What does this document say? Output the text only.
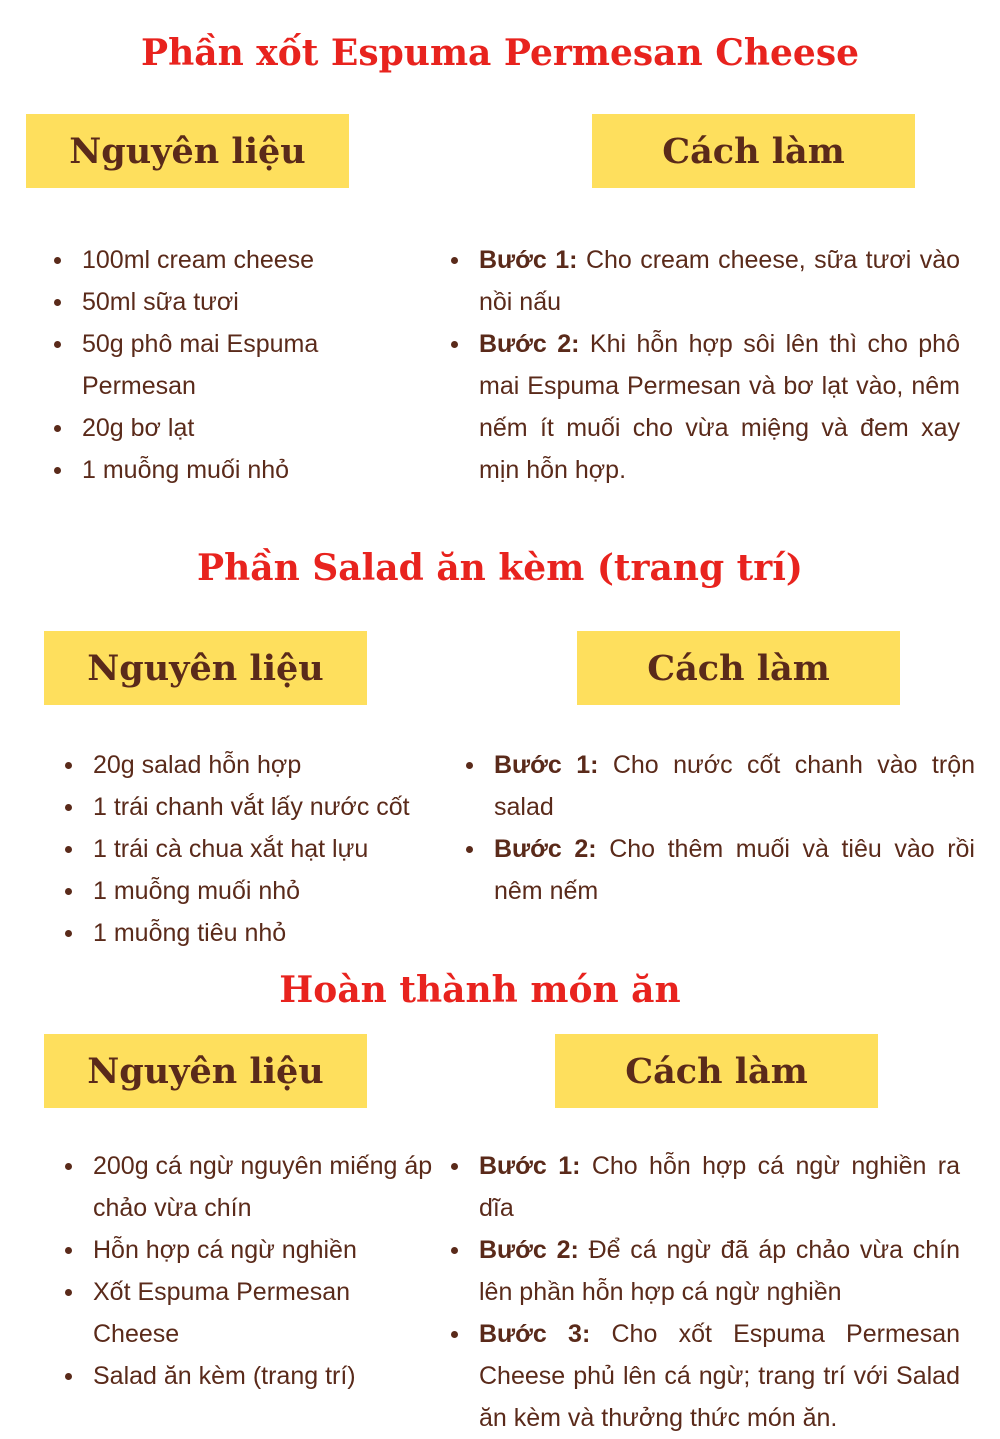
Phần xốt Espuma Permesan Cheese
Nguyên liệu	Cách làm
100ml cream cheese
50ml sữa tươi
50g phô mai Espuma Permesan
20g bơ lạt
1 muỗng muối nhỏ
Bước 1: Cho cream cheese, sữa tươi vào nồi nấu
Bước 2: Khi hỗn hợp sôi lên thì cho phô mai Espuma Permesan và bơ lạt vào, nêm nếm ít muối cho vừa miệng và đem xay mịn hỗn hợp.
Phần Salad ăn kèm (trang trí)
Nguyên liệu	Cách làm
20g salad hỗn hợp
1 trái chanh vắt lấy nước cốt
1 trái cà chua xắt hạt lựu
1 muỗng muối nhỏ
1 muỗng tiêu nhỏ
Bước 1: Cho nước cốt chanh vào trộn salad
Bước 2: Cho thêm muối và tiêu vào rồi nêm nếm
Hoàn thành món ăn
Nguyên liệu	Cách làm
200g cá ngừ nguyên miếng áp chảo vừa chín
Hỗn hợp cá ngừ nghiền
Xốt Espuma Permesan Cheese
Salad ăn kèm (trang trí)
Bước 1: Cho hỗn hợp cá ngừ nghiền ra dĩa
Bước 2: Để cá ngừ đã áp chảo vừa chín lên phần hỗn hợp cá ngừ nghiền
Bước 3: Cho xốt Espuma Permesan Cheese phủ lên cá ngừ; trang trí với Salad ăn kèm và thưởng thức món ăn.
